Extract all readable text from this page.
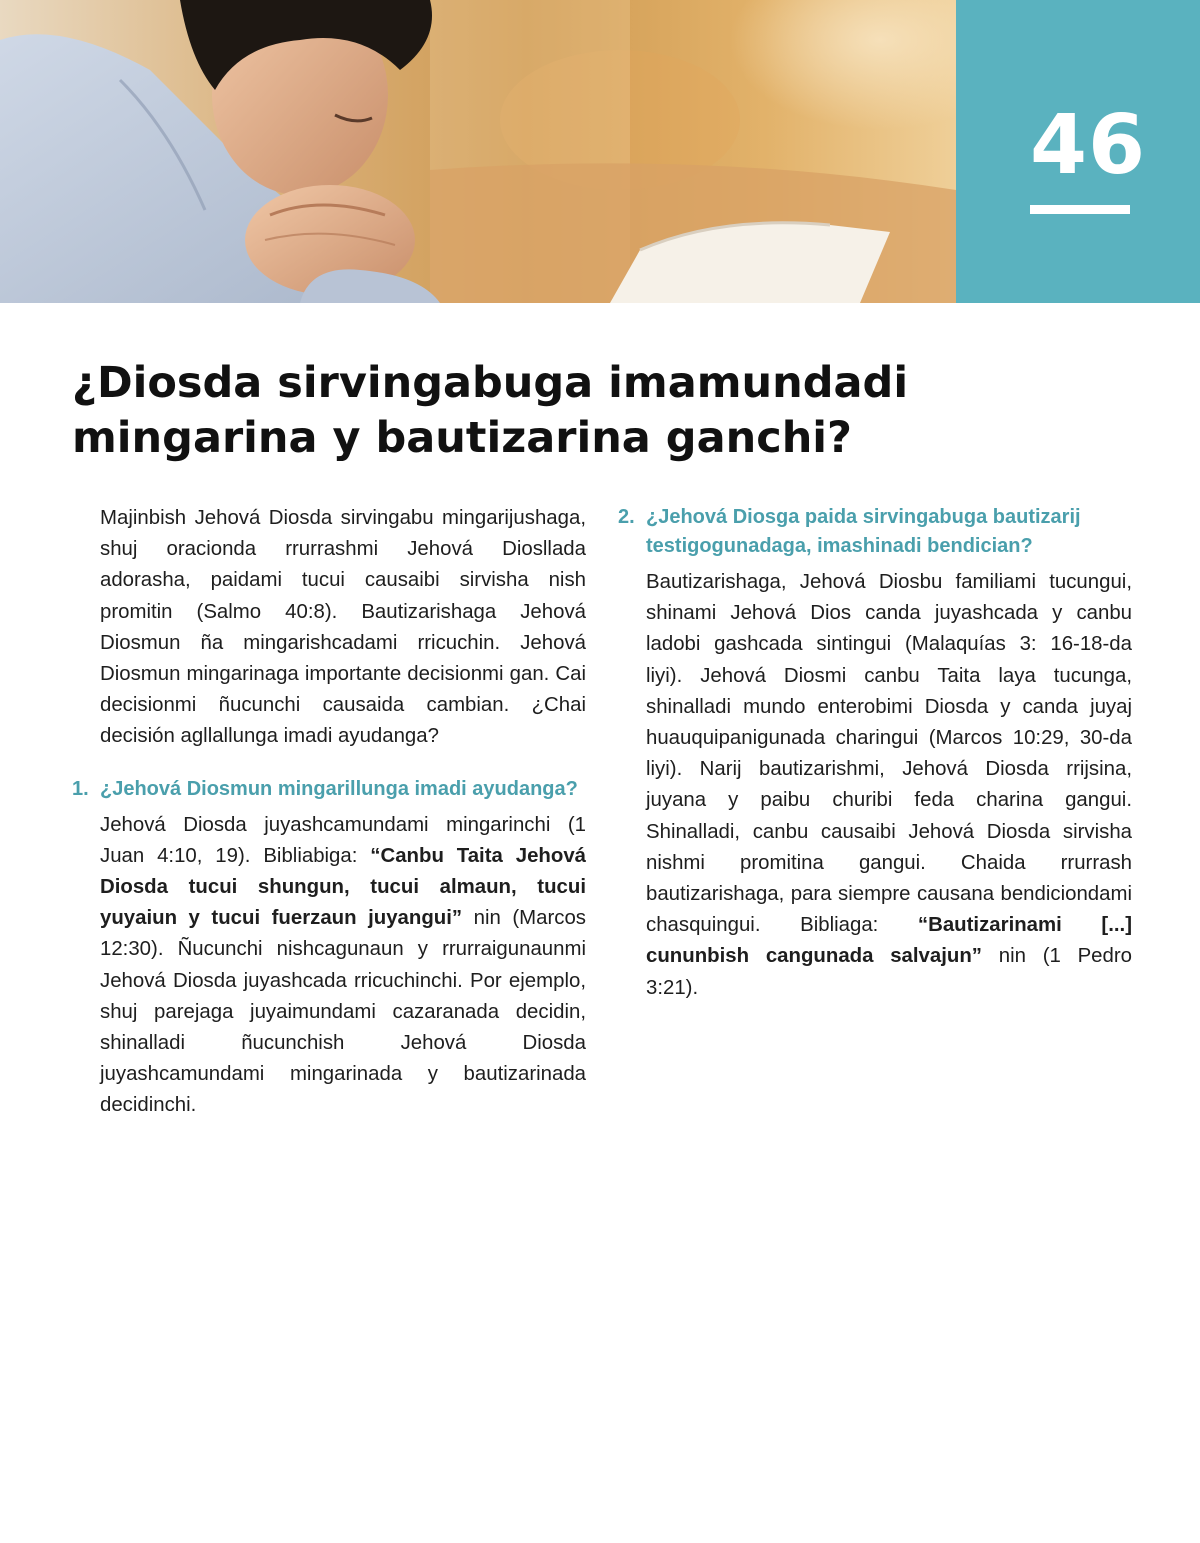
46
¿Diosda sirvingabuga imamundadi mingarina y bautizarina ganchi?

Majinbish Jehová Diosda sirvingabu mingarijushaga, shuj oracionda rrurrashmi Jehová Dioslladа adorasha, paidami tucui causaibi sirvisha nish promitin (Salmo 40:8). Bautizarishaga Jehová Diosmun ña mingarishcadami rricuchin. Jehová Diosmun mingarinaga importante decisionmi gan. Cai decisionmi ñucunchi causaida cambian. ¿Chai decisión agllallunga imadi ayudanga?

1. ¿Jehová Diosmun mingarillunga imadi ayudanga?

Jehová Diosda juyashcamundami mingarinchi (1 Juan 4:10, 19). Bibliabiga: “Canbu Taita Jehová Diosda tucui shungun, tucui almaun, tucui yuyaiun y tucui fuerzaun juyangui” nin (Marcos 12:30). Ñucunchi nishcagunaun y rrurraigunaunmi Jehová Diosda juyashcada rricuchinchi. Por ejemplo, shuj parejaga juyaimundami cazaranada decidin, shinalladi ñucunchish Jehová Diosda juyashcamundami mingarinada y bautizarinada decidinchi.

2. ¿Jehová Diosga paida sirvingabuga bautizarij testigogunadaga, imashinadi bendician?

Bautizarishaga, Jehová Diosbu familiami tucungui, shinami Jehová Dios canda juyashcada y canbu ladobi gashcada sintingui (Malaquías 3: 16-18-da liyi). Jehová Diosmi canbu Taita laya tucunga, shinalladi mundo enterobimi Diosda y canda juyaj huauquipanigunada charingui (Marcos 10:29, 30-da liyi). Narij bautizarishmi, Jehová Diosda rrijsina, juyana y paibu churibi feda charina gangui. Shinalladi, canbu causaibi Jehová Diosda sirvisha nishmi promitina gangui. Chaida rrurrash bautizarishaga, para siempre causana bendiciondami chasquingui. Bibliaga: “Bautizarinami [...] cununbish cangunada salvajun” nin (1 Pedro 3:21).
